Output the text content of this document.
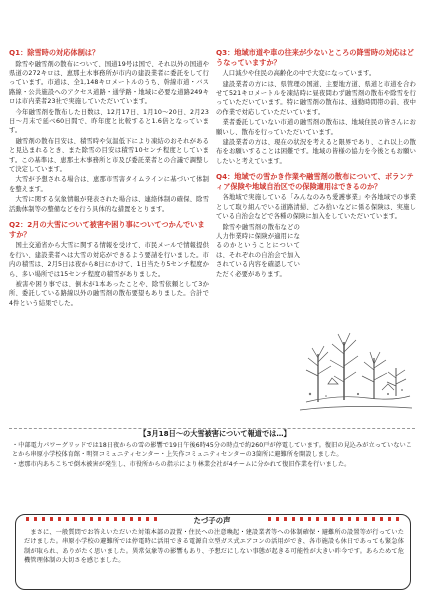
Q1：除雪時の対応体制は？
　除雪や融雪剤の散布について、国道19号は国で、それ以外の国道や県道の272キロは、恵那土木事務所が市内の建設業者に委託をして行っています。市道は、全1,148キロメートルのうち、幹線市道・バス路線・公共施設へのアクセス道路・通学路・地域に必要な道路249キロは市内業者23社で実施していただいています。
　今年融雪剤を散布した日数は、12月17日、1月10〜20日、2月23日〜月末で延べ60日間で、昨年度と比較すると1.6倍となっています。
　融雪剤の散布目安は、積雪時や気温低下により凍結のおそれがあると見込まれるとき、また除雪の目安は積雪10センチ程度としています。この基準は、恵那土木事務所と市及び委託業者との合議で調整して決定しています。
　大雪が予想される場合は、恵那市雪害タイムラインに基づいて体制を整えます。
　大雪に関する気象情報が発表された場合は、連絡体制の確保、除雪活動体制等の整備などを行う具体的な措置をとります。
Q2：2月の大雪について被害や困り事についてつかんでいますか？
　国土交通省から大雪に関する情報を受けて、市民メールで情報提供を行い、建設業者へは大雪の対応ができるよう要請を行いました。市内の積雪は、2月5日は夜から8日にかけて、1日当たり5センチ程度から、多い場所では15センチ程度の積雪がありました。
　被害や困り事では、倒木が1本あったことや、除雪依頼として3か所、委託している路線以外の融雪剤の散布要望もありました。合計で4件という結果でした。
Q3：地域市道や車の往来が少ないところの降雪時の対応はどうなっていますか？
　人口減少や住民の高齢化の中で大変になっています。
　建設業者の方には、県管理の国道、主要地方道、県道と市道を合わせて521キロメートルを凍結時に昼夜問わず融雪剤の散布や除雪を行っていただいています。特に融雪剤の散布は、通勤時間帯の前、夜中の作業で対応していただいています。
　業者委託していない市道の融雪剤の散布は、地域住民の皆さんにお願いし、散布を行っていただいています。
　建設業者の方は、現在の状況を考えると限界であり、これ以上の散布をお願いすることは困難です。地域の皆様の協力を今後ともお願いしたいと考えています。
Q4：地域での雪かき作業や融雪剤の散布について、ボランティア保険や地域自治区での保険適用はできるのか？
　各地域で実施している「みんなのみち愛護事業」や各地域での事業として取り組んでいる道路清掃、ごみ拾いなどに係る保険は、実施している自治会などで各種の保険に加入をしていただいています。
　除雪や融雪剤の散布などの人力作業時に保険が適用になるのかということについては、それぞれの自治会で加入されている内容を確認していただく必要があります。
【3月18日〜の大雪被害について報道では…】
・中部電力パワーグリッドでは18日夜からの雪の影響で19日午後6時45分の時点で約260戸が停電しています。復旧の見込みが立っていないことから串原小学校体育館・明智コミュニティセンター・上矢作コミュニティセンターの3箇所に避難所を開設しました。
・恵那市内あちこちで倒木被害が発生し、市役所からの指示により林業会社が4チームに分かれて復旧作業を行いました。
たづ子の声
　まさに、一般質問でお答えいただいた対策本部の設置・住民への注意喚起・建設業者等への体制確保・避難所の設置等が行っていただけました。串原小学校の避難所では停電時に活用できる電源自立型ガス式エアコンの活用ができ、各市施設も休日であっても緊急体制が取られ、ありがたく思いました。異常気象等の影響もあり、予想だにしない事態が起きる可能性が大きい昨今です。あらためて危機管理体制の大切さを感じました。
